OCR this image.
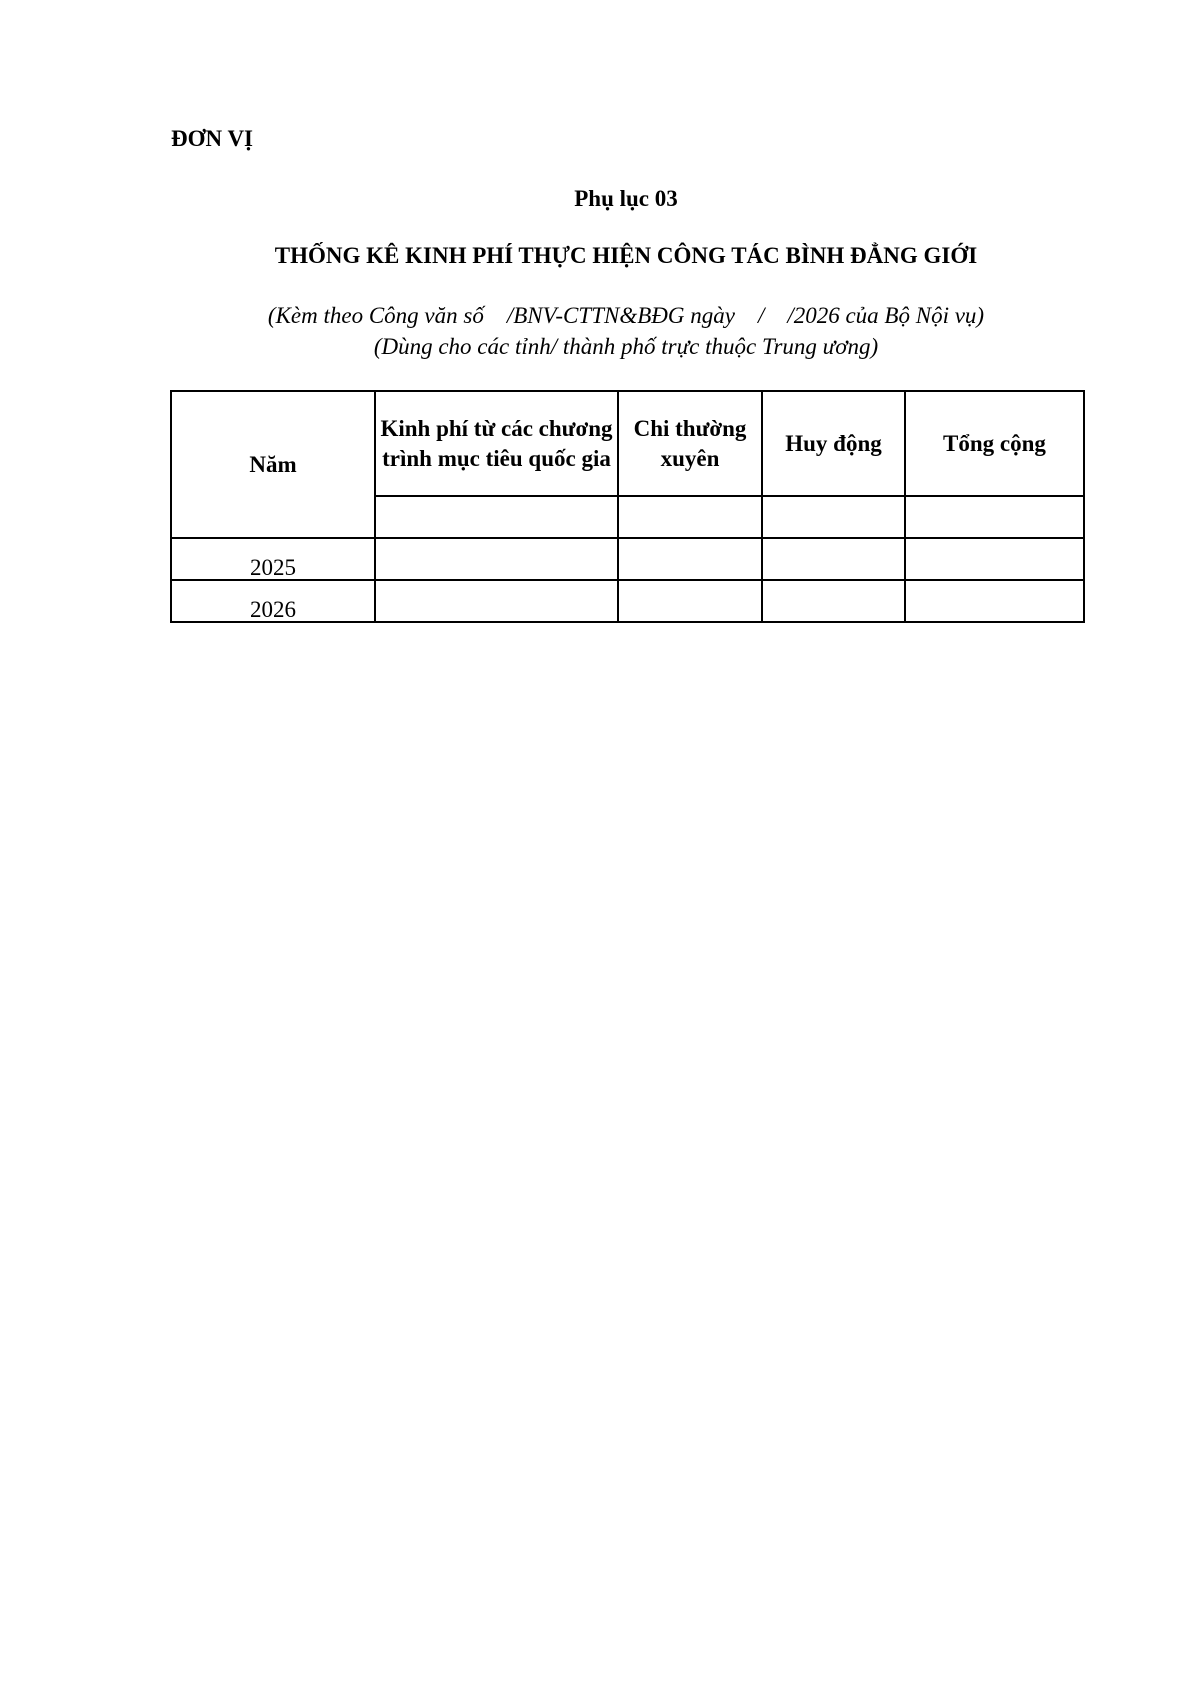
ĐƠN VỊ
Phụ lục 03
THỐNG KÊ KINH PHÍ THỰC HIỆN CÔNG TÁC BÌNH ĐẲNG GIỚI
(Kèm theo Công văn số    /BNV-CTTN&BĐG ngày    /    /2026 của Bộ Nội vụ)
(Dùng cho các tỉnh/ thành phố trực thuộc Trung ương)
Năm	Kinh phí từ các chương trình mục tiêu quốc gia	Chi thường xuyên	Huy động	Tổng cộng

2025				
2026				
